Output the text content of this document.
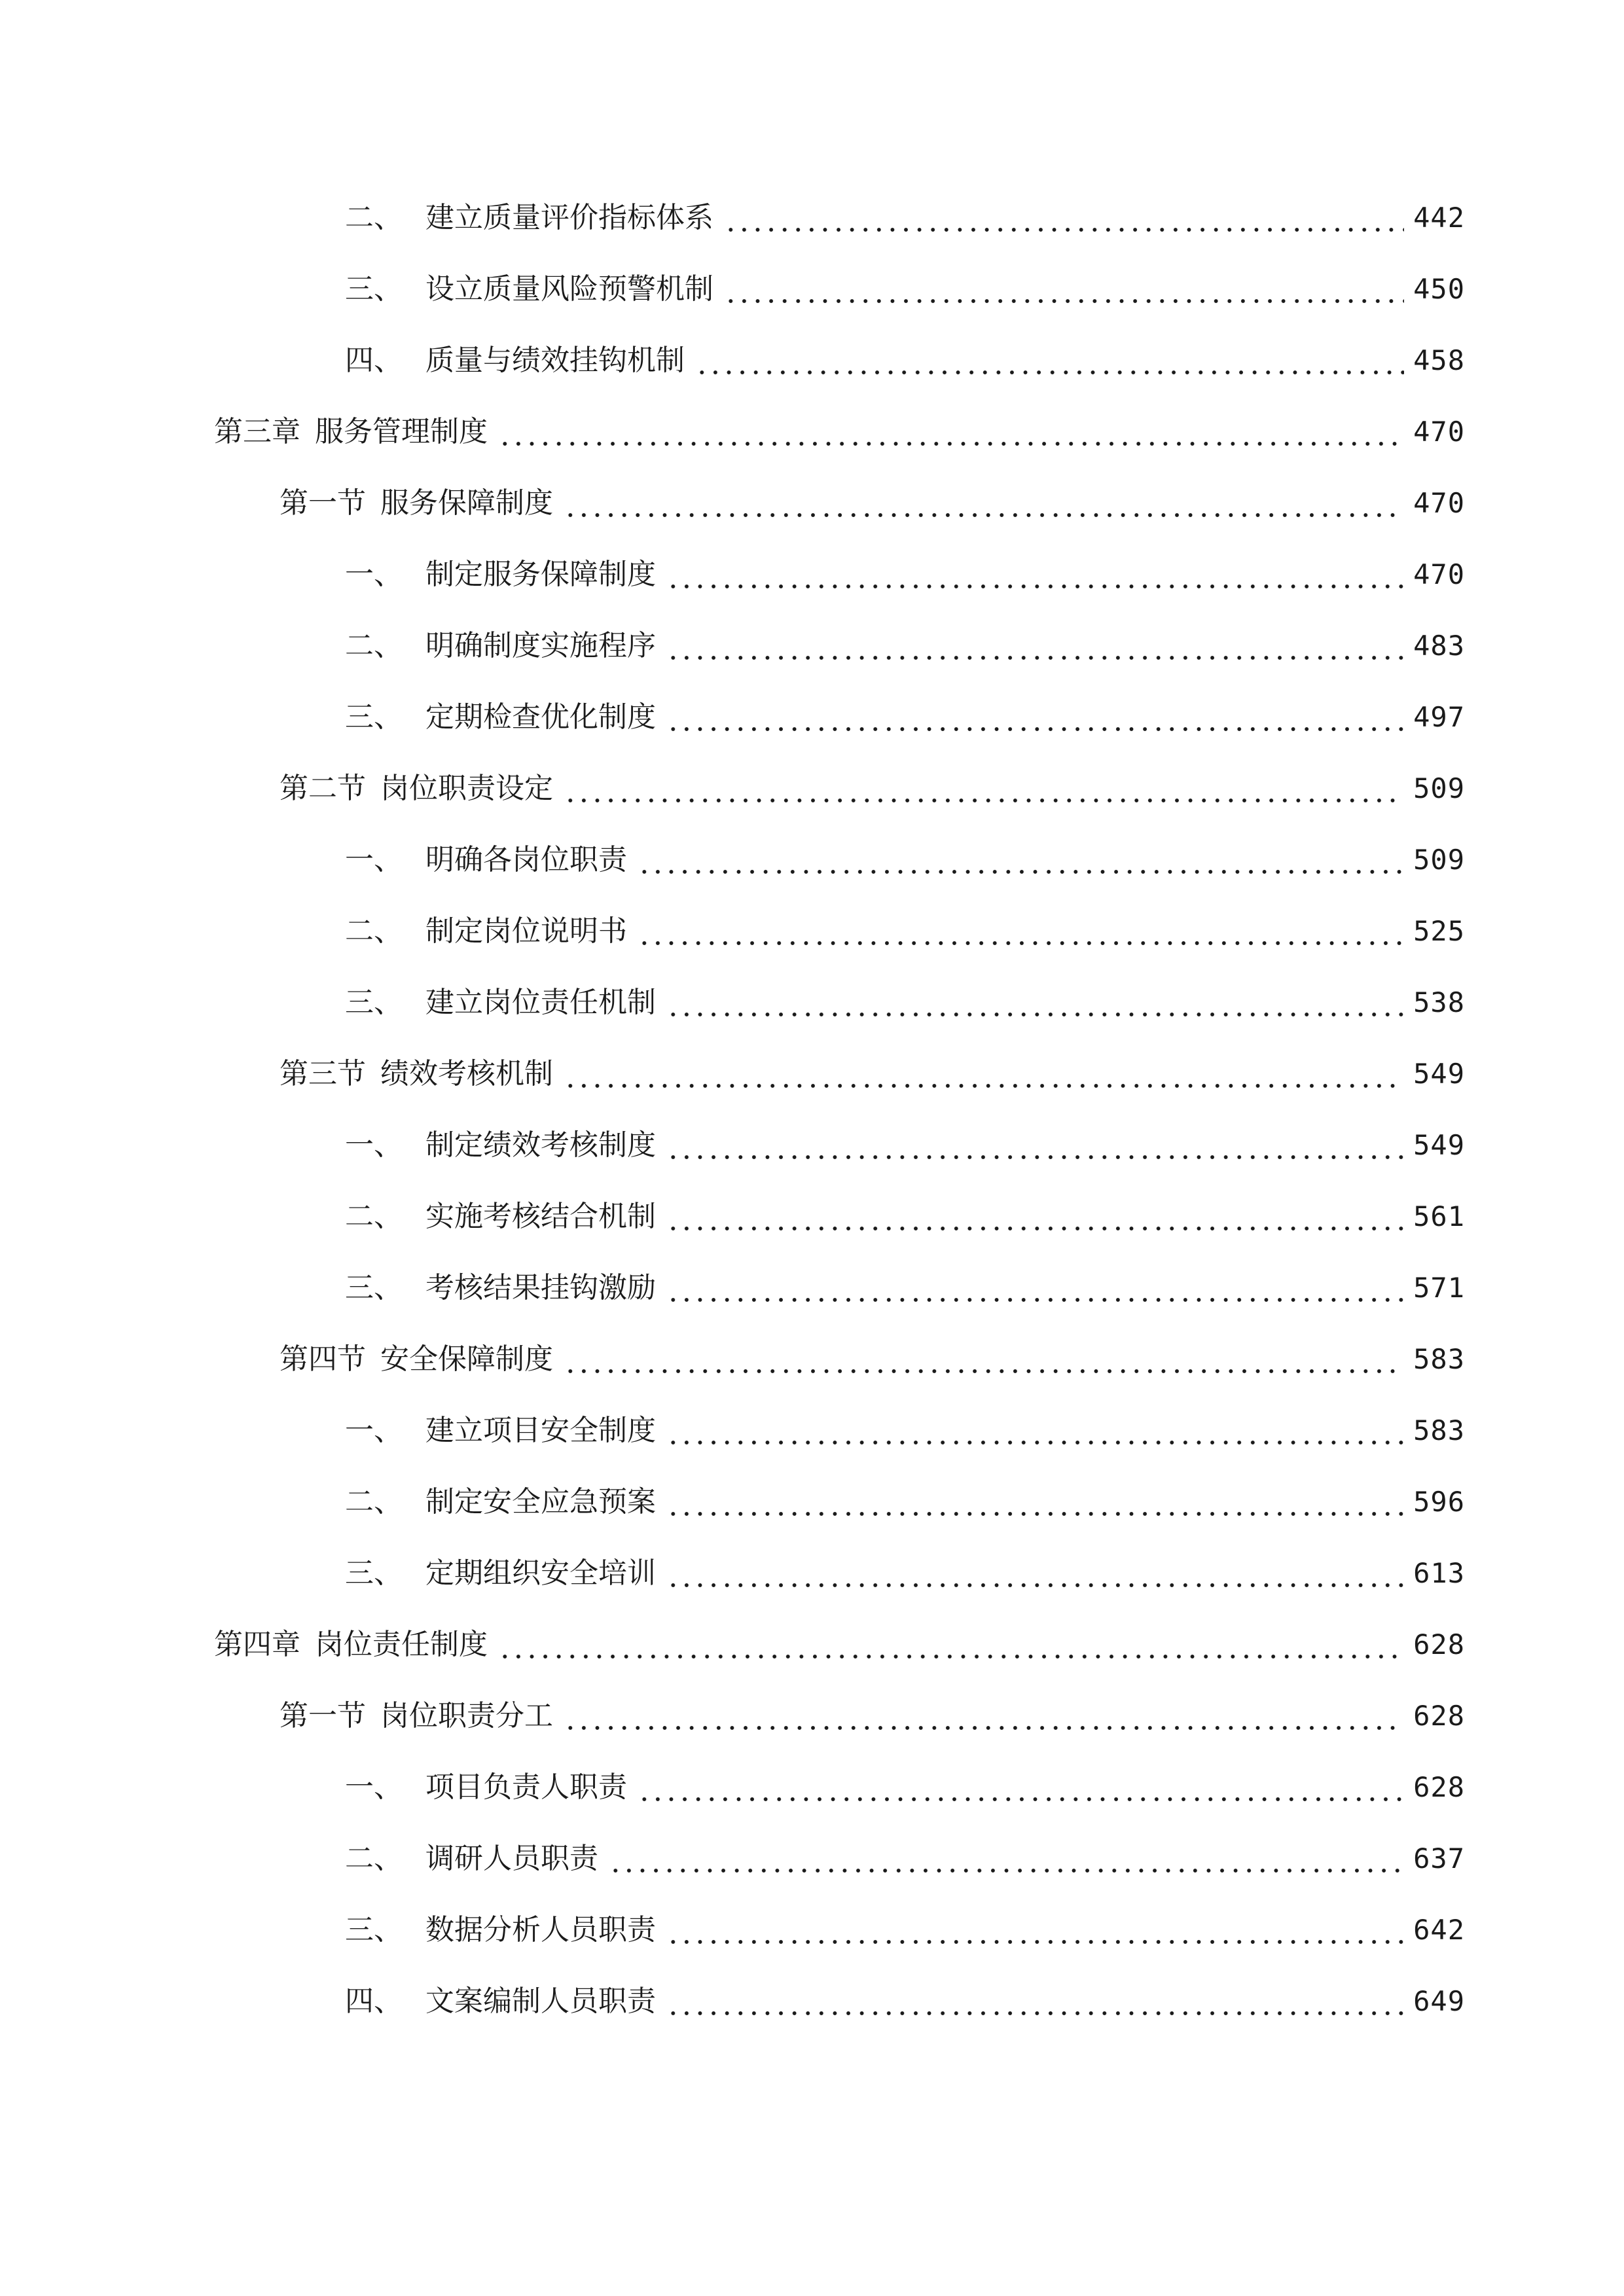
二、 建立质量评价指标体系	442
三、 设立质量风险预警机制	450
四、 质量与绩效挂钩机制	458
第三章 服务管理制度	470
第一节 服务保障制度	470
一、 制定服务保障制度	470
二、 明确制度实施程序	483
三、 定期检查优化制度	497
第二节 岗位职责设定	509
一、 明确各岗位职责	509
二、 制定岗位说明书	525
三、 建立岗位责任机制	538
第三节 绩效考核机制	549
一、 制定绩效考核制度	549
二、 实施考核结合机制	561
三、 考核结果挂钩激励	571
第四节 安全保障制度	583
一、 建立项目安全制度	583
二、 制定安全应急预案	596
三、 定期组织安全培训	613
第四章 岗位责任制度	628
第一节 岗位职责分工	628
一、 项目负责人职责	628
二、 调研人员职责	637
三、 数据分析人员职责	642
四、 文案编制人员职责	649
